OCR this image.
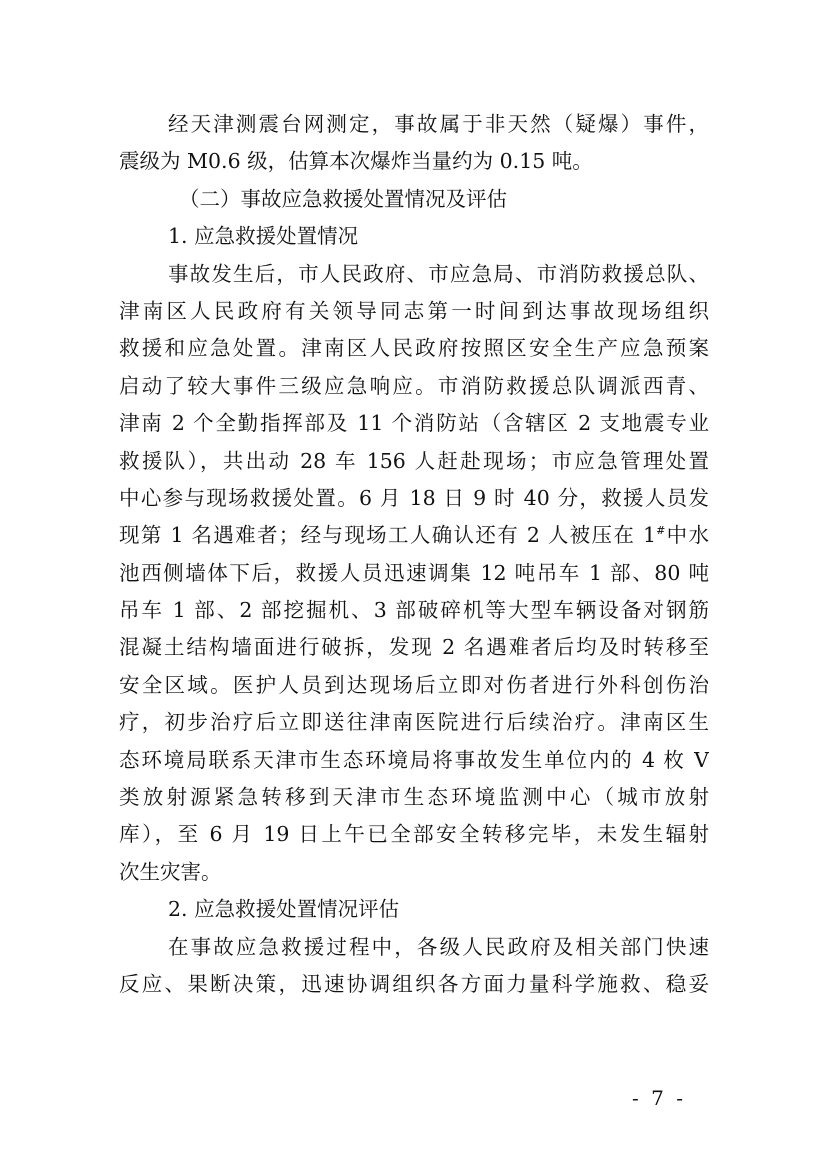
经天津测震台网测定，事故属于非天然（疑爆）事件，
震级为 M0.6 级，估算本次爆炸当量约为 0.15 吨。
（二）事故应急救援处置情况及评估
1. 应急救援处置情况
事故发生后，市人民政府、市应急局、市消防救援总队、
津南区人民政府有关领导同志第一时间到达事故现场组织
救援和应急处置。津南区人民政府按照区安全生产应急预案
启动了较大事件三级应急响应。市消防救援总队调派西青、
津南 2 个全勤指挥部及 11 个消防站（含辖区 2 支地震专业
救援队），共出动 28 车 156 人赶赴现场；市应急管理处置
中心参与现场救援处置。6 月 18 日 9 时 40 分，救援人员发
现第 1 名遇难者；经与现场工人确认还有 2 人被压在 1#中水
池西侧墙体下后，救援人员迅速调集 12 吨吊车 1 部、80 吨
吊车 1 部、2 部挖掘机、3 部破碎机等大型车辆设备对钢筋
混凝土结构墙面进行破拆，发现 2 名遇难者后均及时转移至
安全区域。医护人员到达现场后立即对伤者进行外科创伤治
疗，初步治疗后立即送往津南医院进行后续治疗。津南区生
态环境局联系天津市生态环境局将事故发生单位内的 4 枚 V
类放射源紧急转移到天津市生态环境监测中心（城市放射
库），至 6 月 19 日上午已全部安全转移完毕，未发生辐射
次生灾害。
2. 应急救援处置情况评估
在事故应急救援过程中，各级人民政府及相关部门快速
反应、果断决策，迅速协调组织各方面力量科学施救、稳妥
- 7 -
